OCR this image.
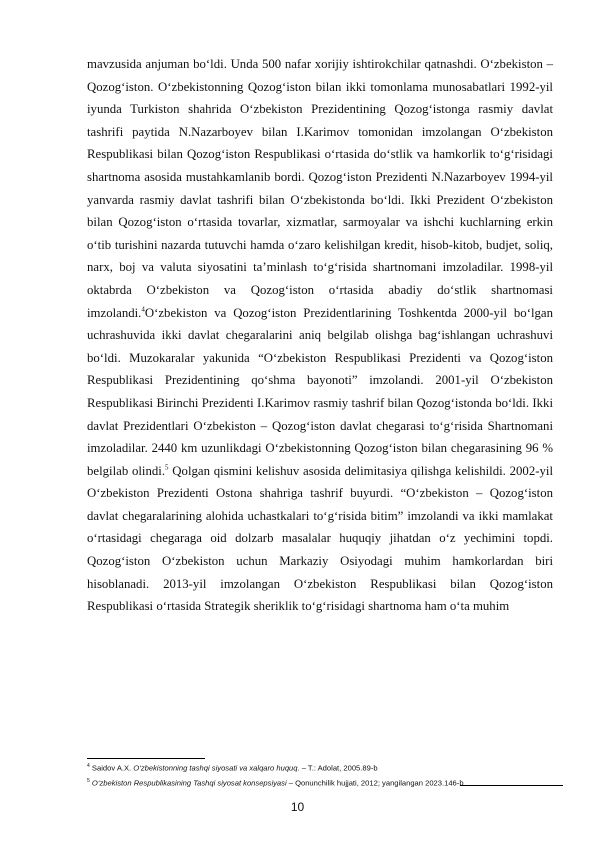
mavzusida anjuman bo‘ldi. Unda 500 nafar xorijiy ishtirokchilar qatnashdi. O‘zbekiston – Qozog‘iston. O‘zbekistonning Qozog‘iston bilan ikki tomonlama munosabatlari 1992-yil iyunda Turkiston shahrida O‘zbekiston Prezidentining Qozog‘istonga rasmiy davlat tashrifi paytida N.Nazarboyev bilan I.Karimov tomonidan imzolangan O‘zbekiston Respublikasi bilan Qozog‘iston Respublikasi o‘rtasida do‘stlik va hamkorlik to‘g‘risidagi shartnoma asosida mustahkamlanib bordi. Qozog‘iston Prezidenti N.Nazarboyev 1994-yil yanvarda rasmiy davlat tashrifi bilan O‘zbekistonda bo‘ldi. Ikki Prezident O‘zbekiston bilan Qozog‘iston o‘rtasida tovarlar, xizmatlar, sarmoyalar va ishchi kuchlarning erkin o‘tib turishini nazarda tutuvchi hamda o‘zaro kelishilgan kredit, hisob-kitob, budjet, soliq, narx, boj va valuta siyosatini ta’minlash to‘g‘risida shartnomani imzoladilar. 1998-yil oktabrda O‘zbekiston va Qozog‘iston o‘rtasida abadiy do‘stlik shartnomasi imzolandi.$^4$O‘zbekiston va Qozog‘iston Prezidentlarining Toshkentda 2000-yil bo‘lgan uchrashuvida ikki davlat chegaralarini aniq belgilab olishga bag‘ishlangan uchrashuvi bo‘ldi. Muzokaralar yakunida “O‘zbekiston Respublikasi Prezidenti va Qozog‘iston Respublikasi Prezidentining qo‘shma bayonoti” imzolandi. 2001-yil O‘zbekiston Respublikasi Birinchi Prezidenti I.Karimov rasmiy tashrif bilan Qozog‘istonda bo‘ldi. Ikki davlat Prezidentlari O‘zbekiston – Qozog‘iston davlat chegarasi to‘g‘risida Shartnomani imzoladilar. 2440 km uzunlikdagi O‘zbekistonning Qozog‘iston bilan chegarasining 96 % belgilab olindi.$^5$ Qolgan qismini kelishuv asosida delimitasiya qilishga kelishildi. 2002-yil O‘zbekiston Prezidenti Ostona shahriga tashrif buyurdi. “O‘zbekiston – Qozog‘iston davlat chegaralarining alohida uchastkalari to‘g‘risida bitim” imzolandi va ikki mamlakat o‘rtasidagi chegaraga oid dolzarb masalalar huquqiy jihatdan o‘z yechimini topdi. Qozog‘iston O‘zbekiston uchun Markaziy Osiyodagi muhim hamkorlardan biri hisoblanadi. 2013-yil imzolangan O‘zbekiston Respublikasi bilan Qozog‘iston Respublikasi o‘rtasida Strategik sheriklik to‘g‘risidagi shartnoma ham o‘ta muhim

$^4$ Saidov A.X. O‘zbekistonning tashqi siyosati va xalqaro huquq. – T.: Adolat, 2005.89-b
$^5$ O‘zbekiston Respublikasining Tashqi siyosat konsepsiyasi – Qonunchilik hujjati, 2012; yangilangan 2023.146-b
10
